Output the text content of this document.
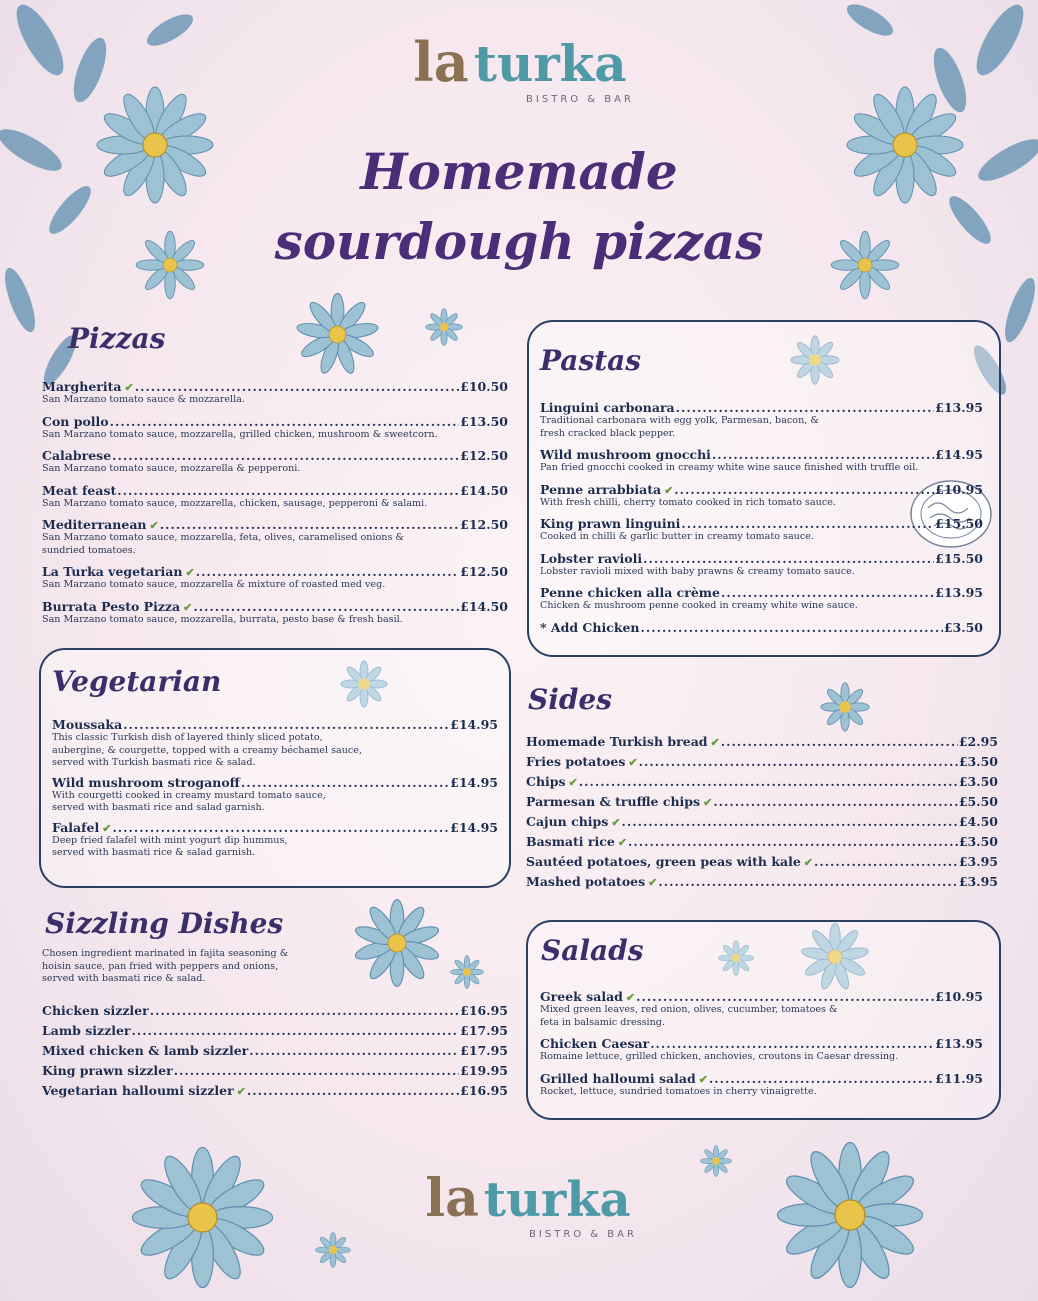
la turka
BISTRO & BAR
Homemade
sourdough pizzas
Pizzas
Margherita ✔ .....	£10.50
San Marzano tomato sauce & mozzarella.
Con pollo .....	£13.50
San Marzano tomato sauce, mozzarella, grilled chicken, mushroom & sweetcorn.
Calabrese .....	£12.50
San Marzano tomato sauce, mozzarella & pepperoni.
Meat feast .....	£14.50
San Marzano tomato sauce, mozzarella, chicken, sausage, pepperoni & salami.
Mediterranean ✔ .....	£12.50
San Marzano tomato sauce, mozzarella, feta, olives, caramelised onions &
sundried tomatoes.
La Turka vegetarian ✔ .....	£12.50
San Marzano tomato sauce, mozzarella & mixture of roasted med veg.
Burrata Pesto Pizza ✔ .....	£14.50
San Marzano tomato sauce, mozzarella, burrata, pesto base & fresh basil.
Pastas
Linguini carbonara .....	£13.95
Traditional carbonara with egg yolk, Parmesan, bacon, &
fresh cracked black pepper.
Wild mushroom gnocchi .....	£14.95
Pan fried gnocchi cooked in creamy white wine sauce finished with truffle oil.
Penne arrabbiata ✔ .....	£10.95
With fresh chilli, cherry tomato cooked in rich tomato sauce.
King prawn linguini .....	£15.50
Cooked in chilli & garlic butter in creamy tomato sauce.
Lobster ravioli .....	£15.50
Lobster ravioli mixed with baby prawns & creamy tomato sauce.
Penne chicken alla crème .....	£13.95
Chicken & mushroom penne cooked in creamy white wine sauce.
* Add Chicken .....	£3.50
Vegetarian
Moussaka .....	£14.95
This classic Turkish dish of layered thinly sliced potato,
aubergine, & courgette, topped with a creamy béchamel sauce,
served with Turkish basmati rice & salad.
Wild mushroom stroganoff .....	£14.95
With courgetti cooked in creamy mustard tomato sauce,
served with basmati rice and salad garnish.
Falafel ✔ .....	£14.95
Deep fried falafel with mint yogurt dip hummus,
served with basmati rice & salad garnish.
Sides
Homemade Turkish bread ✔ .....	£2.95
Fries potatoes ✔ .....	£3.50
Chips ✔ .....	£3.50
Parmesan & truffle chips ✔ .....	£5.50
Cajun chips ✔ .....	£4.50
Basmati rice ✔ .....	£3.50
Sautéed potatoes, green peas with kale ✔ .....	£3.95
Mashed potatoes ✔ .....	£3.95
Sizzling Dishes
Chosen ingredient marinated in fajita seasoning &
hoisin sauce, pan fried with peppers and onions,
served with basmati rice & salad.
Chicken sizzler .....	£16.95
Lamb sizzler .....	£17.95
Mixed chicken & lamb sizzler .....	£17.95
King prawn sizzler .....	£19.95
Vegetarian halloumi sizzler ✔ .....	£16.95
Salads
Greek salad ✔ .....	£10.95
Mixed green leaves, red onion, olives, cucumber, tomatoes &
feta in balsamic dressing.
Chicken Caesar .....	£13.95
Romaine lettuce, grilled chicken, anchovies, croutons in Caesar dressing.
Grilled halloumi salad ✔ .....	£11.95
Rocket, lettuce, sundried tomatoes in cherry vinaigrette.
la turka
BISTRO & BAR
